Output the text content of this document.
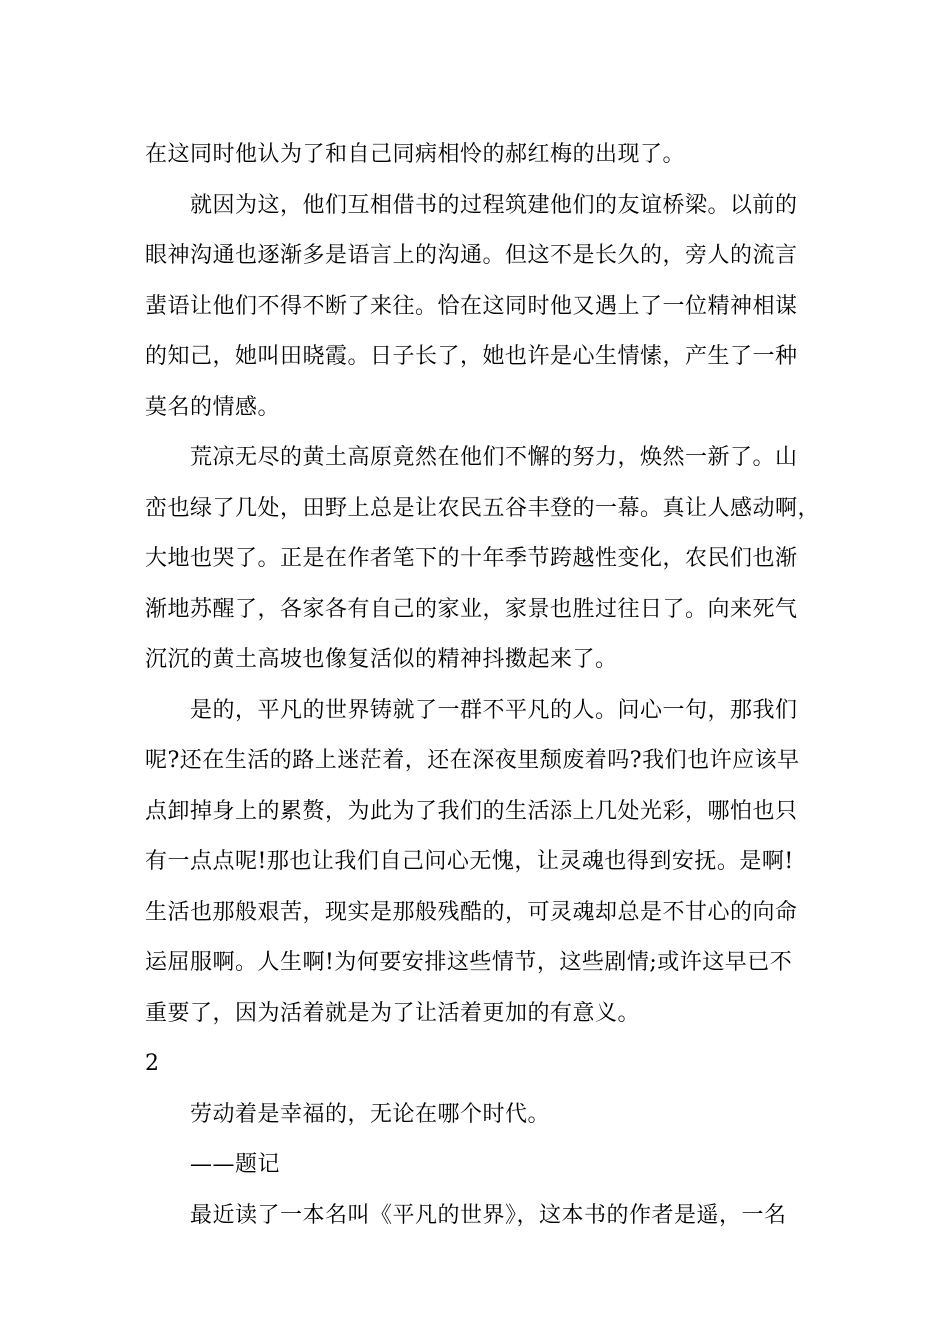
在这同时他认为了和自己同病相怜的郝红梅的出现了。
就因为这，他们互相借书的过程筑建他们的友谊桥梁。以前的
眼神沟通也逐渐多是语言上的沟通。但这不是长久的，旁人的流言
蜚语让他们不得不断了来往。恰在这同时他又遇上了一位精神相谋
的知己，她叫田晓霞。日子长了，她也许是心生情愫，产生了一种
莫名的情感。
荒凉无尽的黄土高原竟然在他们不懈的努力，焕然一新了。山
峦也绿了几处，田野上总是让农民五谷丰登的一幕。真让人感动啊，
大地也哭了。正是在作者笔下的十年季节跨越性变化，农民们也渐
渐地苏醒了，各家各有自己的家业，家景也胜过往日了。向来死气
沉沉的黄土高坡也像复活似的精神抖擞起来了。
是的，平凡的世界铸就了一群不平凡的人。问心一句，那我们
呢?还在生活的路上迷茫着，还在深夜里颓废着吗?我们也许应该早
点卸掉身上的累赘，为此为了我们的生活添上几处光彩，哪怕也只
有一点点呢!那也让我们自己问心无愧，让灵魂也得到安抚。是啊!
生活也那般艰苦，现实是那般残酷的，可灵魂却总是不甘心的向命
运屈服啊。人生啊!为何要安排这些情节，这些剧情;或许这早已不
重要了，因为活着就是为了让活着更加的有意义。
2
劳动着是幸福的，无论在哪个时代。
——题记
最近读了一本名叫《平凡的世界》，这本书的作者是遥，一名
